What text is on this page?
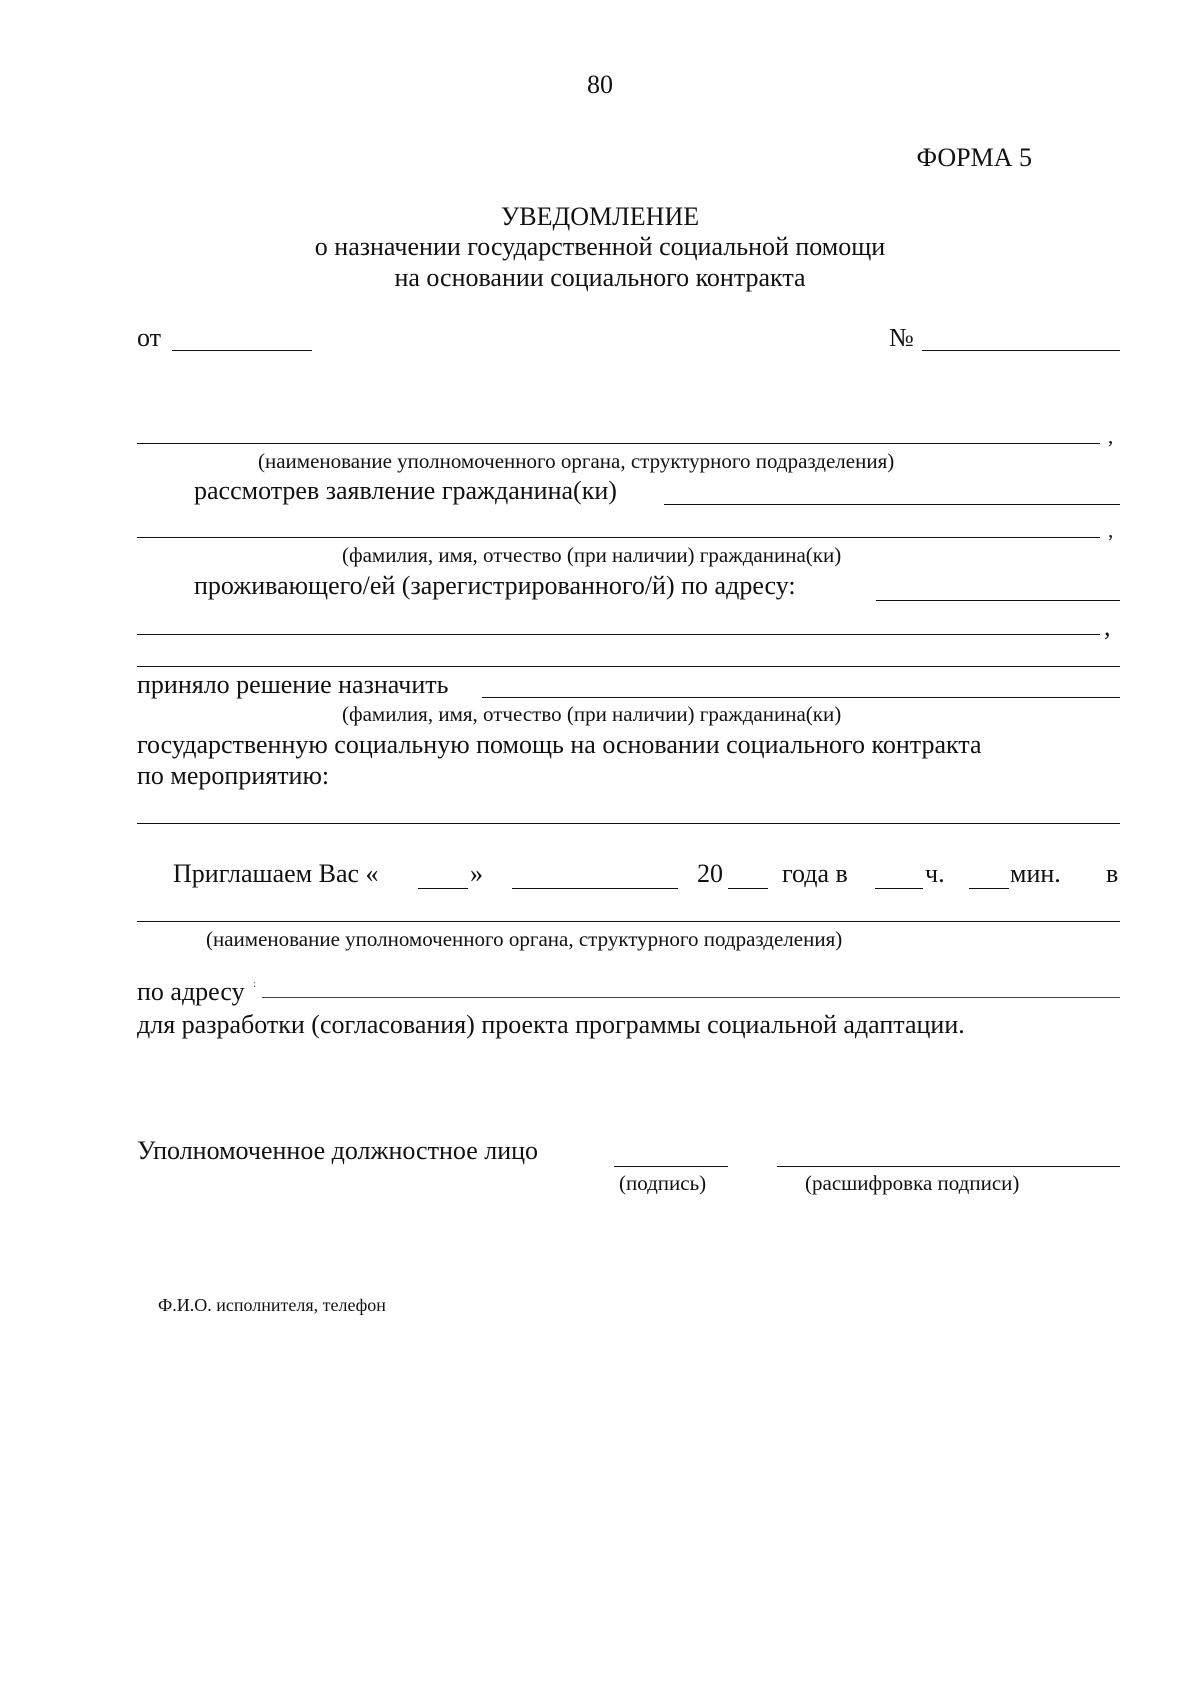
80
ФОРМА 5
УВЕДОМЛЕНИЕ
о назначении государственной социальной помощи
на основании социального контракта
от	№
,
(наименование уполномоченного органа, структурного подразделения)
рассмотрев заявление гражданина(ки)
,
(фамилия, имя, отчество (при наличии) гражданина(ки)
проживающего/ей (зарегистрированного/й) по адресу:
,
приняло решение назначить
(фамилия, имя, отчество (при наличии) гражданина(ки)
государственную социальную помощь на основании социального контракта
по мероприятию:
Приглашаем Вас «	»	20 года в	ч.	мин. в
(наименование уполномоченного органа, структурного подразделения)
по адресу :
для разработки (согласования) проекта программы социальной адаптации.
Уполномоченное должностное лицо
(подпись)	(расшифровка подписи)
Ф.И.О. исполнителя, телефон
